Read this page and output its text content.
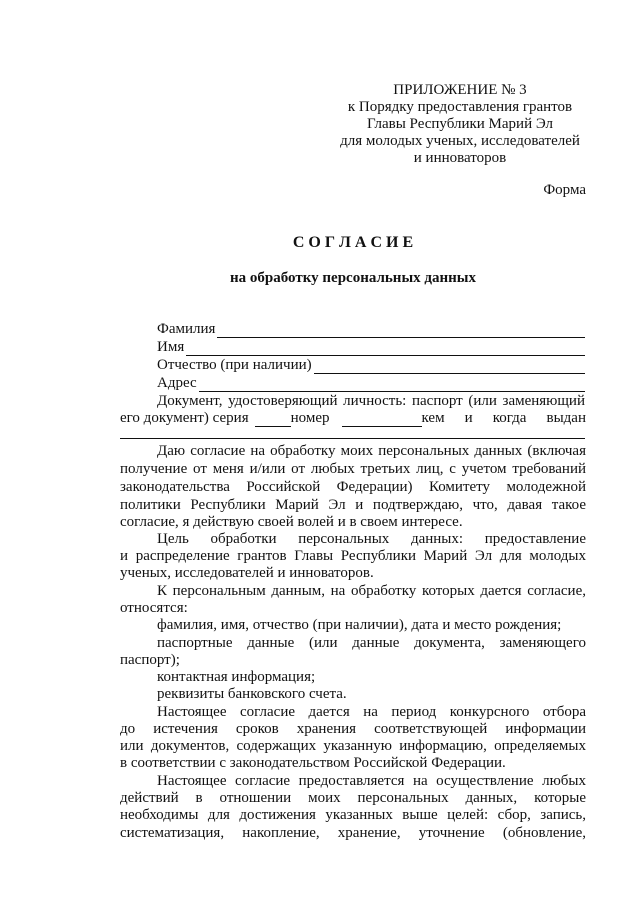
ПРИЛОЖЕНИЕ № 3
к Порядку предоставления грантов
Главы Республики Марий Эл
для молодых ученых, исследователей
и инноваторов
Форма
С О Г Л А С И Е
на обработку персональных данных
Фамилия
Имя
Отчество (при наличии)
Адрес
Документ, удостоверяющий личность: паспорт (или заменяющий
его документ) серия	номер	кем и когда выдан
Даю согласие на обработку моих персональных данных (включая
получение от меня и/или от любых третьих лиц, с учетом требований
законодательства Российской Федерации) Комитету молодежной
политики Республики Марий Эл и подтверждаю, что, давая такое
согласие, я действую своей волей и в своем интересе.
Цель обработки персональных данных: предоставление
и распределение грантов Главы Республики Марий Эл для молодых
ученых, исследователей и инноваторов.
К персональным данным, на обработку которых дается согласие,
относятся:
фамилия, имя, отчество (при наличии), дата и место рождения;
паспортные данные (или данные документа, заменяющего
паспорт);
контактная информация;
реквизиты банковского счета.
Настоящее согласие дается на период конкурсного отбора
до истечения сроков хранения соответствующей информации
или документов, содержащих указанную информацию, определяемых
в соответствии с законодательством Российской Федерации.
Настоящее согласие предоставляется на осуществление любых
действий в отношении моих персональных данных, которые
необходимы для достижения указанных выше целей: сбор, запись,
систематизация, накопление, хранение, уточнение (обновление,
